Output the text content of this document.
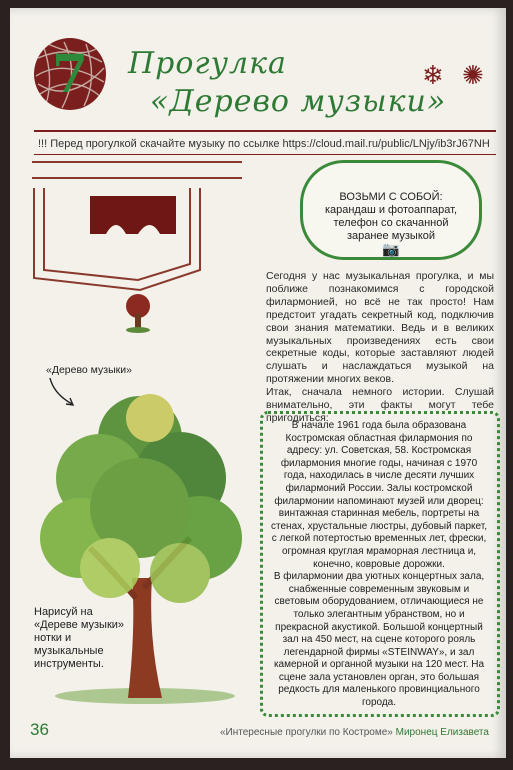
7	Прогулка
«Дерево музыки»
❄ ✺
!!! Перед прогулкой скачайте музыку по ссылке https://cloud.mail.ru/public/LNjy/ib3rJ67NH
ВОЗЬМИ С СОБОЙ:
карандаш и фотоаппарат,
телефон со скачанной
заранее музыкой
📷
Сегодня у нас музыкальная прогулка, и мы поближе познакомимся с городской филармонией, но всё не так просто! Нам предстоит угадать секретный код, подключив свои знания математики. Ведь и в великих музыкальных произведениях есть свои секретные коды, которые заставляют людей слушать и наслаждаться музыкой на протяжении многих веков.
Итак, сначала немного истории. Слушай внимательно, эти факты могут тебе пригодиться:
«Дерево музыки»
Нарисуй на «Дереве музыки» нотки и музыкальные инструменты.

В начале 1961 года была образована Костромская областная филармония по адресу: ул. Советская, 58. Костромская филармония многие годы, начиная с 1970 года, находилась в числе десяти лучших филармоний России. Залы костромской филармонии напоминают музей или дворец: винтажная старинная мебель, портреты на стенах, хрустальные люстры, дубовый паркет, с легкой потертостью временных лет, фрески, огромная круглая мраморная лестница и, конечно, ковровые дорожки.

В филармонии два уютных концертных зала, снабженные современным звуковым и световым оборудованием, отличающиеся не только элегантным убранством, но и прекрасной акустикой. Большой концертный зал на 450 мест, на сцене которого рояль легендарной фирмы «STEINWAY», и зал камерной и органной музыки на 120 мест. На сцене зала установлен орган, это большая редкость для маленького провинциального города.

36	«Интересные прогулки по Костроме» Миронец Елизавета
